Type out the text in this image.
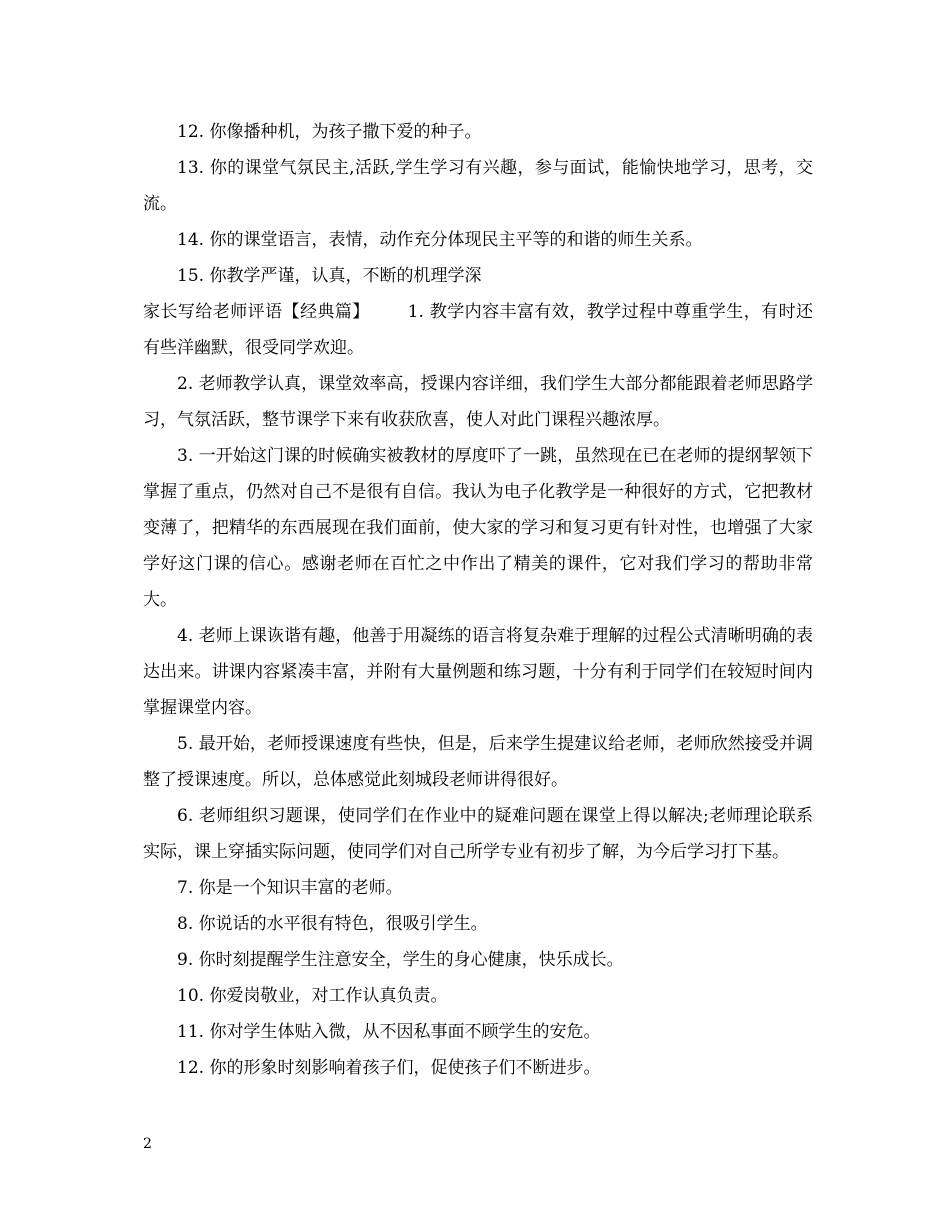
12. 你像播种机，为孩子撒下爱的种子。

13. 你的课堂气氛民主,活跃,学生学习有兴趣，参与面试，能愉快地学习，思考，交流。

14. 你的课堂语言，表情，动作充分体现民主平等的和谐的师生关系。

15. 你教学严谨，认真，不断的机理学深

家长写给老师评语【经典篇】 1. 教学内容丰富有效，教学过程中尊重学生，有时还有些洋幽默，很受同学欢迎。

2. 老师教学认真，课堂效率高，授课内容详细，我们学生大部分都能跟着老师思路学习，气氛活跃，整节课学下来有收获欣喜，使人对此门课程兴趣浓厚。

3. 一开始这门课的时候确实被教材的厚度吓了一跳，虽然现在已在老师的提纲挈领下掌握了重点，仍然对自己不是很有自信。我认为电子化教学是一种很好的方式，它把教材变薄了，把精华的东西展现在我们面前，使大家的学习和复习更有针对性，也增强了大家学好这门课的信心。感谢老师在百忙之中作出了精美的课件，它对我们学习的帮助非常大。

4. 老师上课诙谐有趣，他善于用凝练的语言将复杂难于理解的过程公式清晰明确的表达出来。讲课内容紧凑丰富，并附有大量例题和练习题，十分有利于同学们在较短时间内掌握课堂内容。

5. 最开始，老师授课速度有些快，但是，后来学生提建议给老师，老师欣然接受并调整了授课速度。所以，总体感觉此刻城段老师讲得很好。

6. 老师组织习题课，使同学们在作业中的疑难问题在课堂上得以解决;老师理论联系实际，课上穿插实际问题，使同学们对自己所学专业有初步了解，为今后学习打下基。

7. 你是一个知识丰富的老师。

8. 你说话的水平很有特色，很吸引学生。

9. 你时刻提醒学生注意安全，学生的身心健康，快乐成长。

10. 你爱岗敬业，对工作认真负责。

11. 你对学生体贴入微，从不因私事面不顾学生的安危。

12. 你的形象时刻影响着孩子们，促使孩子们不断进步。

2
